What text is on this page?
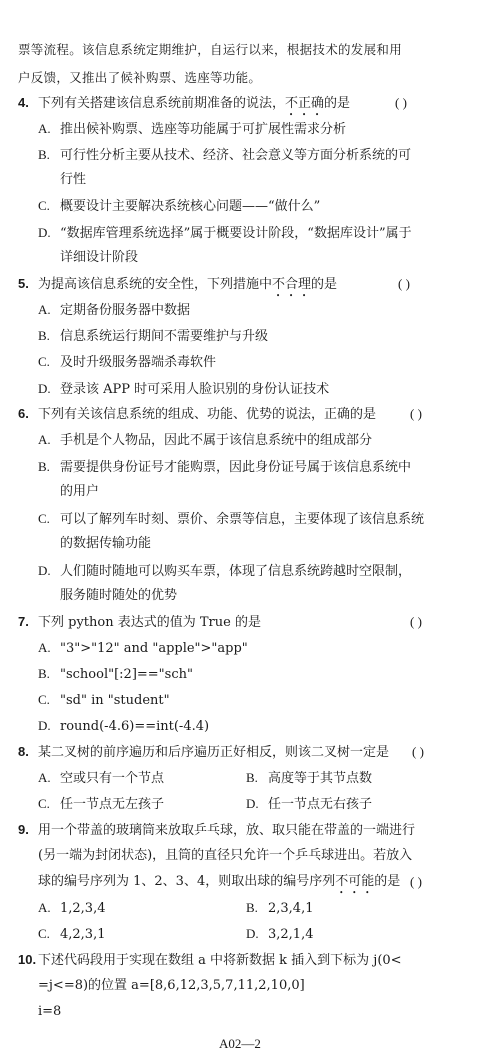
票等流程。该信息系统定期维护，自运行以来，根据技术的发展和用
户反馈，又推出了候补购票、选座等功能。
4. 下列有关搭建该信息系统前期准备的说法，不正确的是	( )
A. 推出候补购票、选座等功能属于可扩展性需求分析
B. 可行性分析主要从技术、经济、社会意义等方面分析系统的可
行性
C. 概要设计主要解决系统核心问题——“做什么”
D. “数据库管理系统选择”属于概要设计阶段，“数据库设计”属于
详细设计阶段
5. 为提高该信息系统的安全性，下列措施中不合理的是	( )
A. 定期备份服务器中数据
B. 信息系统运行期间不需要维护与升级
C. 及时升级服务器端杀毒软件
D. 登录该 APP 时可采用人脸识别的身份认证技术
6. 下列有关该信息系统的组成、功能、优势的说法，正确的是	( )
A. 手机是个人物品，因此不属于该信息系统中的组成部分
B. 需要提供身份证号才能购票，因此身份证号属于该信息系统中
的用户
C. 可以了解列车时刻、票价、余票等信息，主要体现了该信息系统
的数据传输功能
D. 人们随时随地可以购买车票，体现了信息系统跨越时空限制，
服务随时随处的优势
7. 下列 python 表达式的值为 True 的是	( )
A. "3">"12" and "apple">"app"
B. "school"[:2]=="sch"
C. "sd" in "student"
D. round(-4.6)==int(-4.4)
8. 某二叉树的前序遍历和后序遍历正好相反，则该二叉树一定是 ( )
A. 空或只有一个节点	B. 高度等于其节点数
C. 任一节点无左孩子	D. 任一节点无右孩子
9. 用一个带盖的玻璃筒来放取乒乓球，放、取只能在带盖的一端进行
(另一端为封闭状态)，且筒的直径只允许一个乒乓球进出。若放入
球的编号序列为 1、2、3、4，则取出球的编号序列不可能的是 ( )
A. 1,2,3,4	B. 2,3,4,1
C. 4,2,3,1	D. 3,2,1,4
10. 下述代码段用于实现在数组 a 中将新数据 k 插入到下标为 j(0<
=j<=8)的位置 a=[8,6,12,3,5,7,11,2,10,0]
i=8
A02—2
